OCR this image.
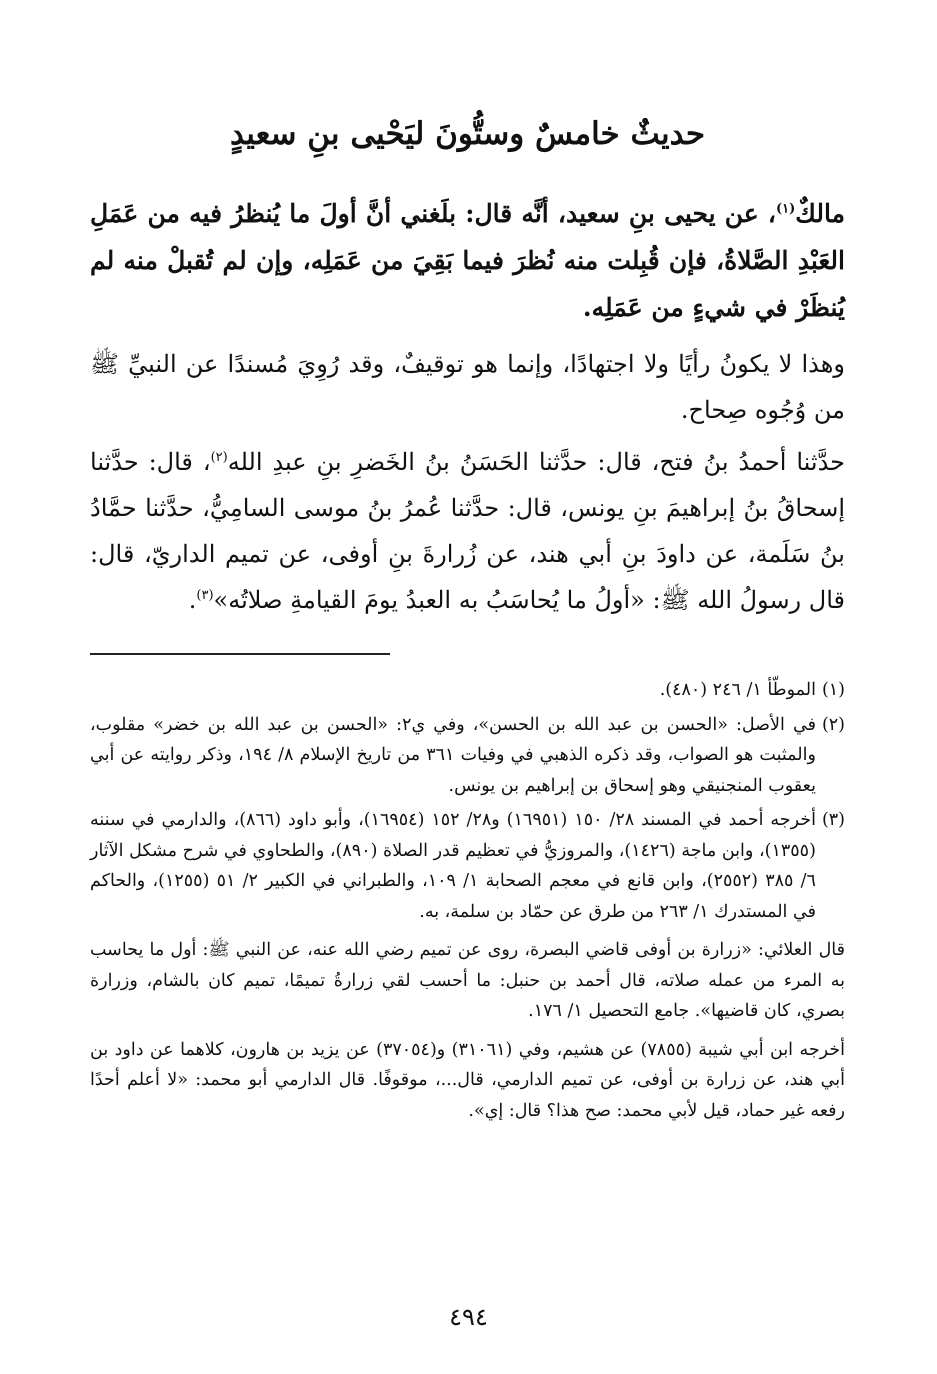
حديثٌ خامسٌ وستُّونَ ليَحْيى بنِ سعيدٍ

مالكٌ$^{(١)}$، عن يحيى بنِ سعيد، أنَّه قال: بلَغني أنَّ أولَ ما يُنظرُ فيه من عَمَلِ العَبْدِ الصَّلاةُ، فإن قُبِلت منه نُظرَ فيما بَقِيَ من عَمَلِه، وإن لم تُقبلْ منه لم يُنظَرْ في شيءٍ من عَمَلِه.

وهذا لا يكونُ رأيًا ولا اجتهادًا، وإنما هو توقيفٌ، وقد رُوِيَ مُسندًا عن النبيِّ ﷺ من وُجُوه صِحاح.

حدَّثنا أحمدُ بنُ فتح، قال: حدَّثنا الحَسَنُ بنُ الخَضرِ بنِ عبدِ الله$^{(٢)}$، قال: حدَّثنا إسحاقُ بنُ إبراهيمَ بنِ يونس، قال: حدَّثنا عُمرُ بنُ موسى السامِيُّ، حدَّثنا حمَّادُ بنُ سَلَمة، عن داودَ بنِ أبي هند، عن زُرارةَ بنِ أوفى، عن تميم الداريّ، قال: قال رسولُ الله ﷺ: «أولُ ما يُحاسَبُ به العبدُ يومَ القيامةِ صلاتُه»$^{(٣)}$.

(١)
الموطّأ ١/ ٢٤٦ (٤٨٠).
(٢)
في الأصل: «الحسن بن عبد الله بن الحسن»، وفي ي٢: «الحسن بن عبد الله بن خضر» مقلوب، والمثبت هو الصواب، وقد ذكره الذهبي في وفيات ٣٦١ من تاريخ الإسلام ٨/ ١٩٤، وذكر روايته عن أبي يعقوب المنجنيقي وهو إسحاق بن إبراهيم بن يونس.
(٣)
أخرجه أحمد في المسند ٢٨/ ١٥٠ (١٦٩٥١) و٢٨/ ١٥٢ (١٦٩٥٤)، وأبو داود (٨٦٦)، والدارمي في سننه (١٣٥٥)، وابن ماجة (١٤٢٦)، والمروزيُّ في تعظيم قدر الصلاة (٨٩٠)، والطحاوي في شرح مشكل الآثار ٦/ ٣٨٥ (٢٥٥٢)، وابن قانع في معجم الصحابة ١/ ١٠٩، والطبراني في الكبير ٢/ ٥١ (١٢٥٥)، والحاكم في المستدرك ١/ ٢٦٣ من طرق عن حمّاد بن سلمة، به.

قال العلائي: «زرارة بن أوفى قاضي البصرة، روى عن تميم رضي الله عنه، عن النبي ﷺ: أول ما يحاسب به المرء من عمله صلاته، قال أحمد بن حنبل: ما أحسب لقي زرارةُ تميمًا، تميم كان بالشام، وزرارة بصري، كان قاضيها». جامع التحصيل ١/ ١٧٦.

أخرجه ابن أبي شيبة (٧٨٥٥) عن هشيم، وفي (٣١٠٦١) و(٣٧٠٥٤) عن يزيد بن هارون، كلاهما عن داود بن أبي هند، عن زرارة بن أوفى، عن تميم الدارمي، قال...، موقوفًا. قال الدارمي أبو محمد: «لا أعلم أحدًا رفعه غير حماد، قيل لأبي محمد: صح هذا؟ قال: إي».

٤٩٤
